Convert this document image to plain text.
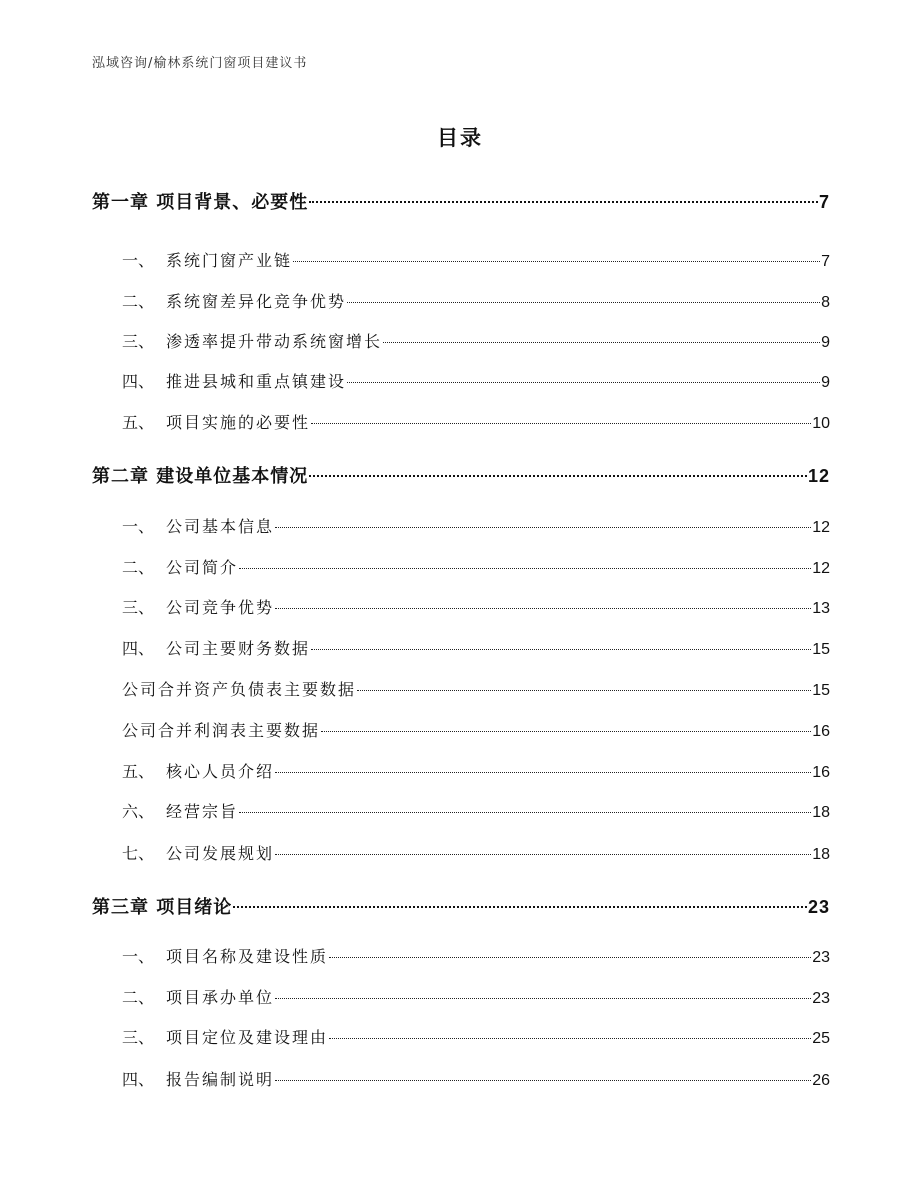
泓域咨询/榆林系统门窗项目建议书
目录
第一章 项目背景、必要性	7
一、 系统门窗产业链	7
二、 系统窗差异化竞争优势	8
三、 渗透率提升带动系统窗增长	9
四、 推进县城和重点镇建设	9
五、 项目实施的必要性	10
第二章 建设单位基本情况	12
一、 公司基本信息	12
二、 公司简介	12
三、 公司竞争优势	13
四、 公司主要财务数据	15
公司合并资产负债表主要数据	15
公司合并利润表主要数据	16
五、 核心人员介绍	16
六、 经营宗旨	18
七、 公司发展规划	18
第三章 项目绪论	23
一、 项目名称及建设性质	23
二、 项目承办单位	23
三、 项目定位及建设理由	25
四、 报告编制说明	26
